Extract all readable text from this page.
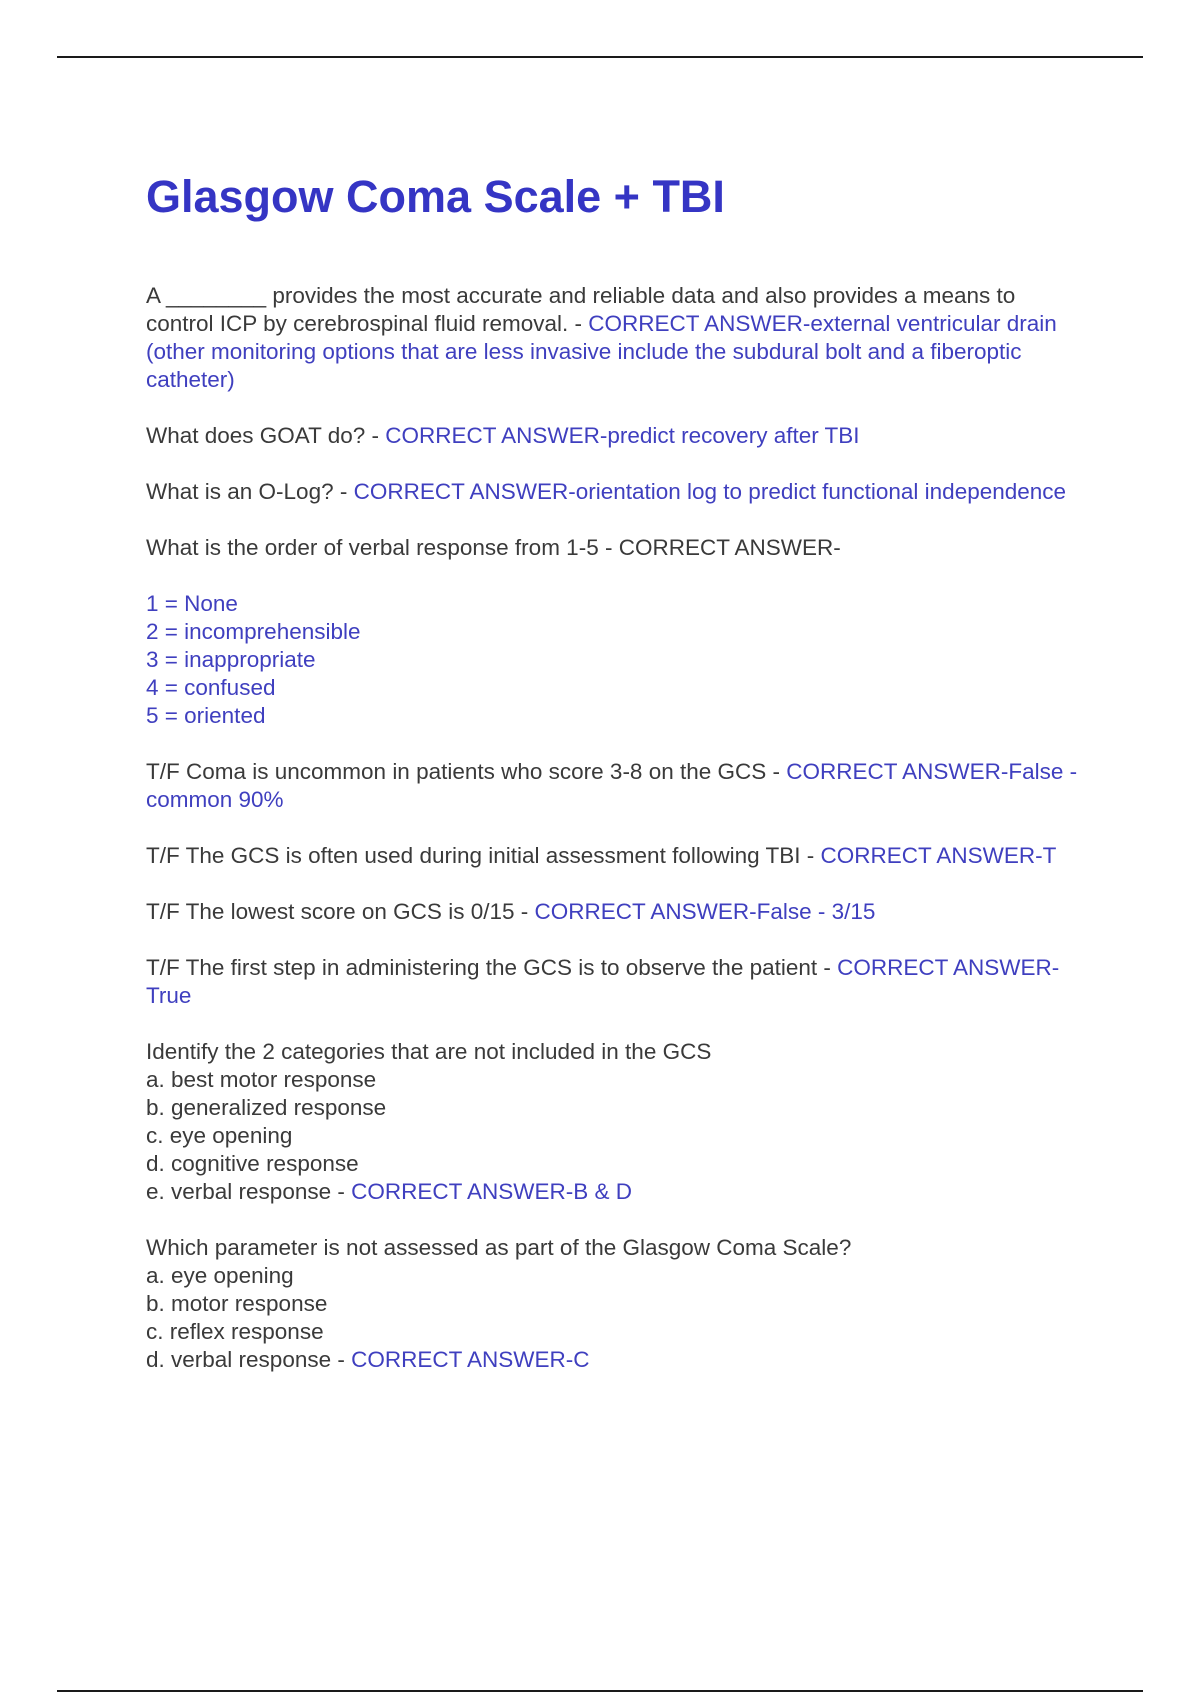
Glasgow Coma Scale + TBI

A ________ provides the most accurate and reliable data and also provides a means to control ICP by cerebrospinal fluid removal. - CORRECT ANSWER-external ventricular drain (other monitoring options that are less invasive include the subdural bolt and a fiberoptic catheter)

What does GOAT do? - CORRECT ANSWER-predict recovery after TBI

What is an O-Log? - CORRECT ANSWER-orientation log to predict functional independence

What is the order of verbal response from 1-5 - CORRECT ANSWER-

1 = None
2 = incomprehensible
3 = inappropriate
4 = confused
5 = oriented

T/F Coma is uncommon in patients who score 3-8 on the GCS - CORRECT ANSWER-False - common 90%

T/F The GCS is often used during initial assessment following TBI - CORRECT ANSWER-T

T/F The lowest score on GCS is 0/15 - CORRECT ANSWER-False - 3/15

T/F The first step in administering the GCS is to observe the patient - CORRECT ANSWER-True

Identify the 2 categories that are not included in the GCS
a. best motor response
b. generalized response
c. eye opening
d. cognitive response
e. verbal response - CORRECT ANSWER-B & D

Which parameter is not assessed as part of the Glasgow Coma Scale?
a. eye opening
b. motor response
c. reflex response
d. verbal response - CORRECT ANSWER-C
